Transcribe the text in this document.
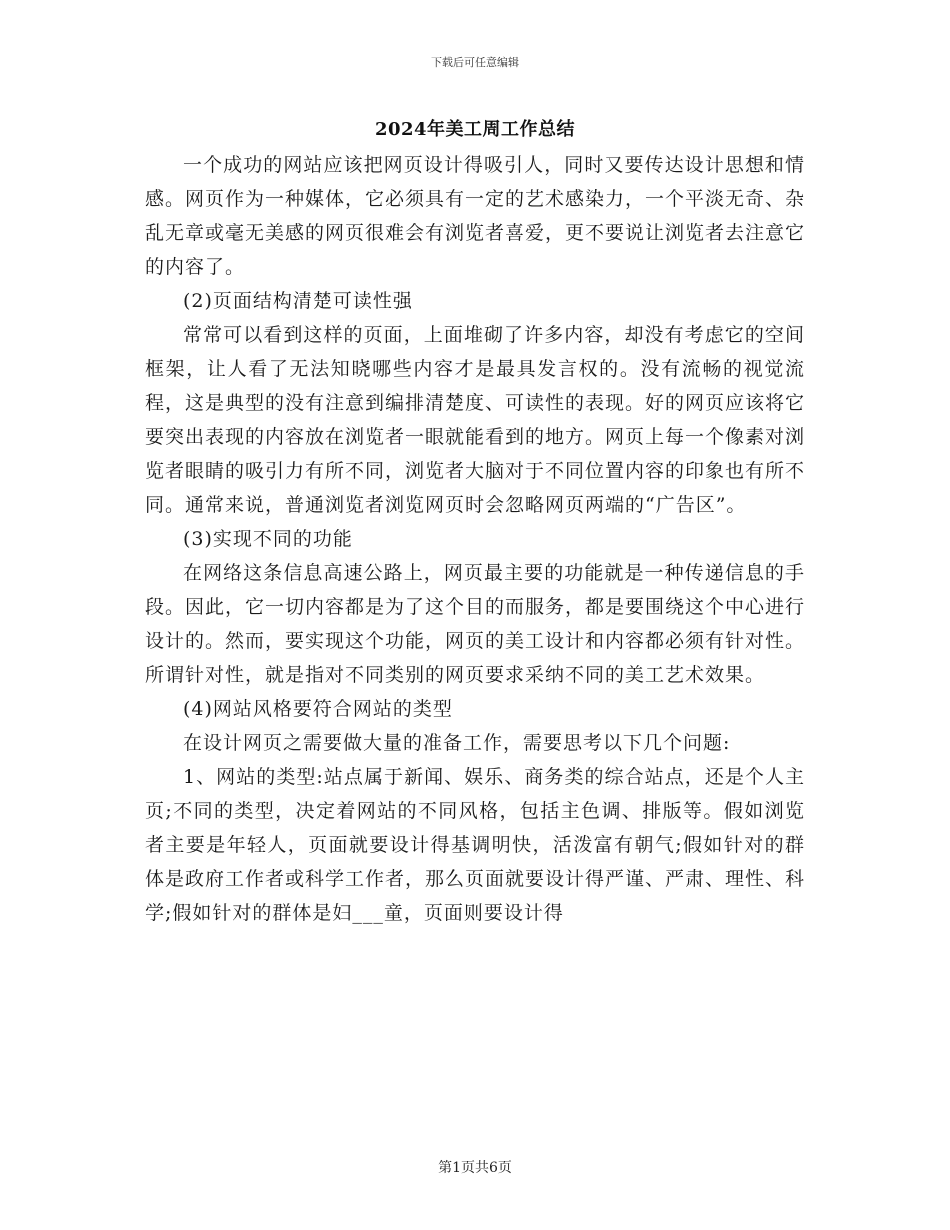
下载后可任意编辑
2024年美工周工作总结

一个成功的网站应该把网页设计得吸引人，同时又要传达设计思想和情感。网页作为一种媒体，它必须具有一定的艺术感染力，一个平淡无奇、杂乱无章或毫无美感的网页很难会有浏览者喜爱，更不要说让浏览者去注意它的内容了。

(2)页面结构清楚可读性强

常常可以看到这样的页面，上面堆砌了许多内容，却没有考虑它的空间框架，让人看了无法知晓哪些内容才是最具发言权的。没有流畅的视觉流程，这是典型的没有注意到编排清楚度、可读性的表现。好的网页应该将它要突出表现的内容放在浏览者一眼就能看到的地方。网页上每一个像素对浏览者眼睛的吸引力有所不同，浏览者大脑对于不同位置内容的印象也有所不同。通常来说，普通浏览者浏览网页时会忽略网页两端的“广告区”。

(3)实现不同的功能

在网络这条信息高速公路上，网页最主要的功能就是一种传递信息的手段。因此，它一切内容都是为了这个目的而服务，都是要围绕这个中心进行设计的。然而，要实现这个功能，网页的美工设计和内容都必须有针对性。所谓针对性，就是指对不同类别的网页要求采纳不同的美工艺术效果。

(4)网站风格要符合网站的类型

在设计网页之需要做大量的准备工作，需要思考以下几个问题:

1、网站的类型:站点属于新闻、娱乐、商务类的综合站点，还是个人主页;不同的类型，决定着网站的不同风格，包括主色调、排版等。假如浏览者主要是年轻人，页面就要设计得基调明快，活泼富有朝气;假如针对的群体是政府工作者或科学工作者，那么页面就要设计得严谨、严肃、理性、科学;假如针对的群体是妇___童，页面则要设计得

第1页共6页
